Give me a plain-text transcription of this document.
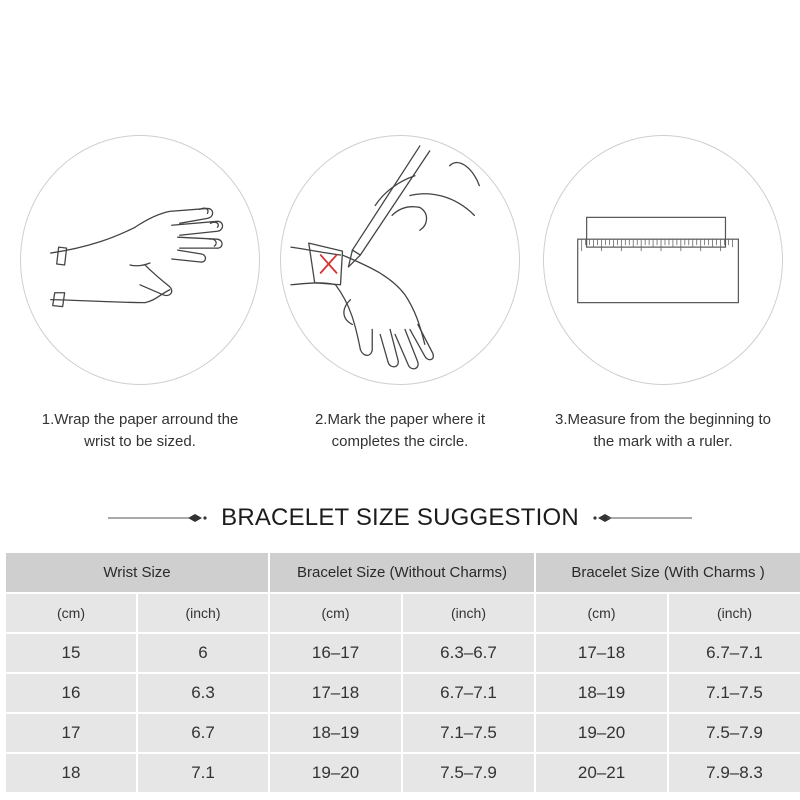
1.Wrap the paper arround the
wrist to be sized.
2.Mark the paper where it
completes the circle.
3.Measure from the beginning to
the mark with a ruler.
BRACELET SIZE SUGGESTION
Wrist Size		Bracelet Size (Without Charms)		Bracelet Size (With Charms )	
(cm)	(inch)	(cm)	(inch)	(cm)	(inch)
15	6	16–17	6.3–6.7	17–18	6.7–7.1
16	6.3	17–18	6.7–7.1	18–19	7.1–7.5
17	6.7	18–19	7.1–7.5	19–20	7.5–7.9
18	7.1	19–20	7.5–7.9	20–21	7.9–8.3
